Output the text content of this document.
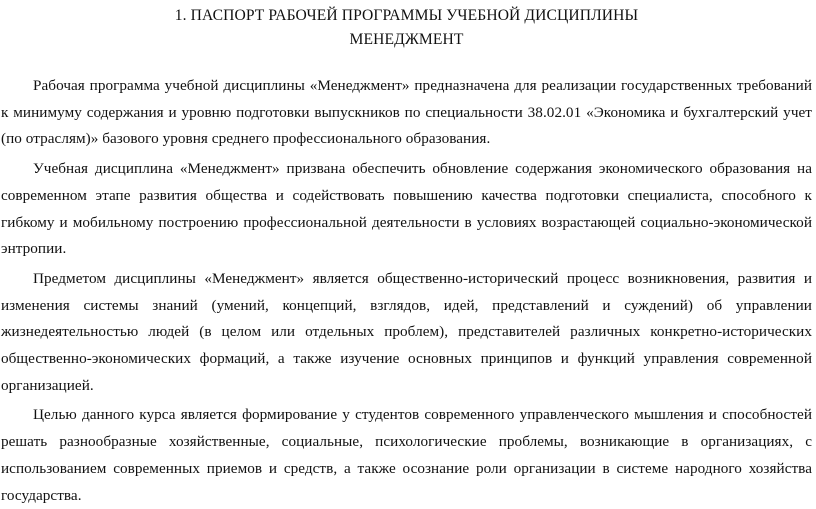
1. ПАСПОРТ РАБОЧЕЙ ПРОГРАММЫ УЧЕБНОЙ ДИСЦИПЛИНЫ
МЕНЕДЖМЕНТ

Рабочая программа учебной дисциплины «Менеджмент» предназначена для реализации государственных требований к минимуму содержания и уровню подготовки выпускников по специальности 38.02.01 «Экономика и бухгалтерский учет (по отраслям)» базового уровня среднего профессионального образования.

Учебная дисциплина «Менеджмент» призвана обеспечить обновление содержания экономического образования на современном этапе развития общества и содействовать повышению качества подготовки специалиста, способного к гибкому и мобильному построению профессиональной деятельности в условиях возрастающей социально-экономической энтропии.

Предметом дисциплины «Менеджмент» является общественно-исторический процесс возникновения, развития и изменения системы знаний (умений, концепций, взглядов, идей, представлений и суждений) об управлении жизнедеятельностью людей (в целом или отдельных проблем), представителей различных конкретно-исторических общественно-экономических формаций, а также изучение основных принципов и функций управления современной организацией.

Целью данного курса является формирование у студентов современного управленческого мышления и способностей решать разнообразные хозяйственные, социальные, психологические проблемы, возникающие в организациях, с использованием современных приемов и средств, а также осознание роли организации в системе народного хозяйства государства.
